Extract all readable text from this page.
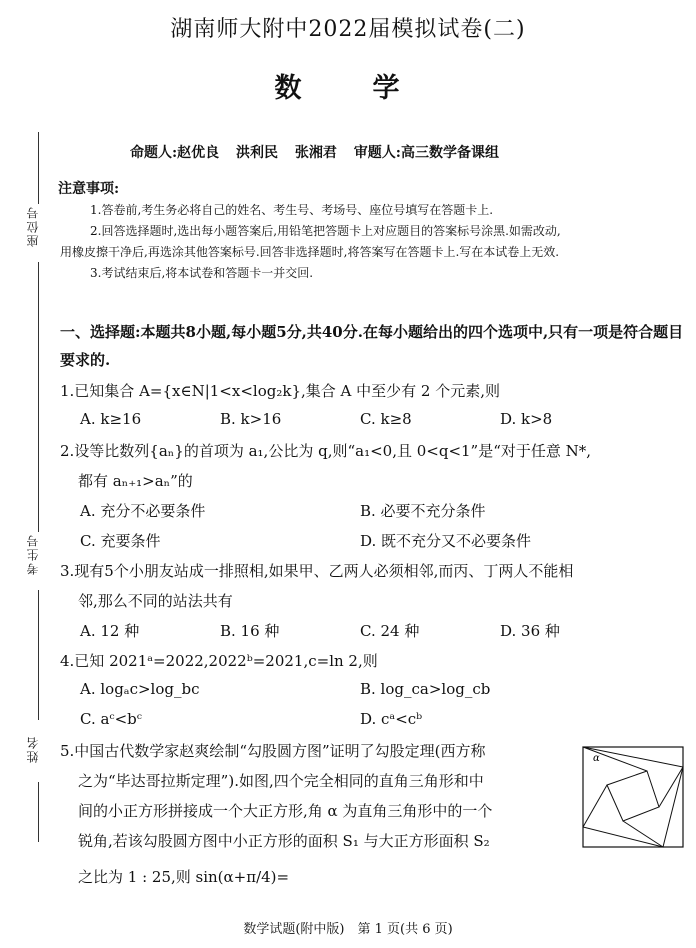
湖南师大附中2022届模拟试卷(二)
数　学
命题人:赵优良 洪利民 张湘君 审题人:高三数学备课组
座位号
考生号
姓名
注意事项:
1.答卷前,考生务必将自己的姓名、考生号、考场号、座位号填写在答题卡上.
2.回答选择题时,选出每小题答案后,用铅笔把答题卡上对应题目的答案标号涂黑.如需改动,
用橡皮擦干净后,再选涂其他答案标号.回答非选择题时,将答案写在答题卡上.写在本试卷上无效.
3.考试结束后,将本试卷和答题卡一并交回.
一、选择题:本题共8小题,每小题5分,共40分.在每小题给出的四个选项中,只有一项是符合题目要求的.
1.已知集合 A={x∈N|1<x<log₂k},集合 A 中至少有 2 个元素,则
A. k≥16	B. k>16	C. k≥8	D. k>8
2.设等比数列{aₙ}的首项为 a₁,公比为 q,则“a₁<0,且 0<q<1”是“对于任意 N*,
都有 aₙ₊₁>aₙ”的
A. 充分不必要条件	B. 必要不充分条件
C. 充要条件	D. 既不充分又不必要条件
3.现有5个小朋友站成一排照相,如果甲、乙两人必须相邻,而丙、丁两人不能相
邻,那么不同的站法共有
A. 12 种	B. 16 种	C. 24 种	D. 36 种
4.已知 2021ᵃ=2022,2022ᵇ=2021,c=ln 2,则
A. logₐc>log_bc	B. log_ca>log_cb
C. aᶜ<bᶜ	D. cᵃ<cᵇ
5.中国古代数学家赵爽绘制“勾股圆方图”证明了勾股定理(西方称
之为“毕达哥拉斯定理”).如图,四个完全相同的直角三角形和中
间的小正方形拼接成一个大正方形,角 α 为直角三角形中的一个
锐角,若该勾股圆方图中小正方形的面积 S₁ 与大正方形面积 S₂
之比为 1 : 25,则 sin(α+π/4)=
α
数学试题(附中版)　第 1 页(共 6 页)
